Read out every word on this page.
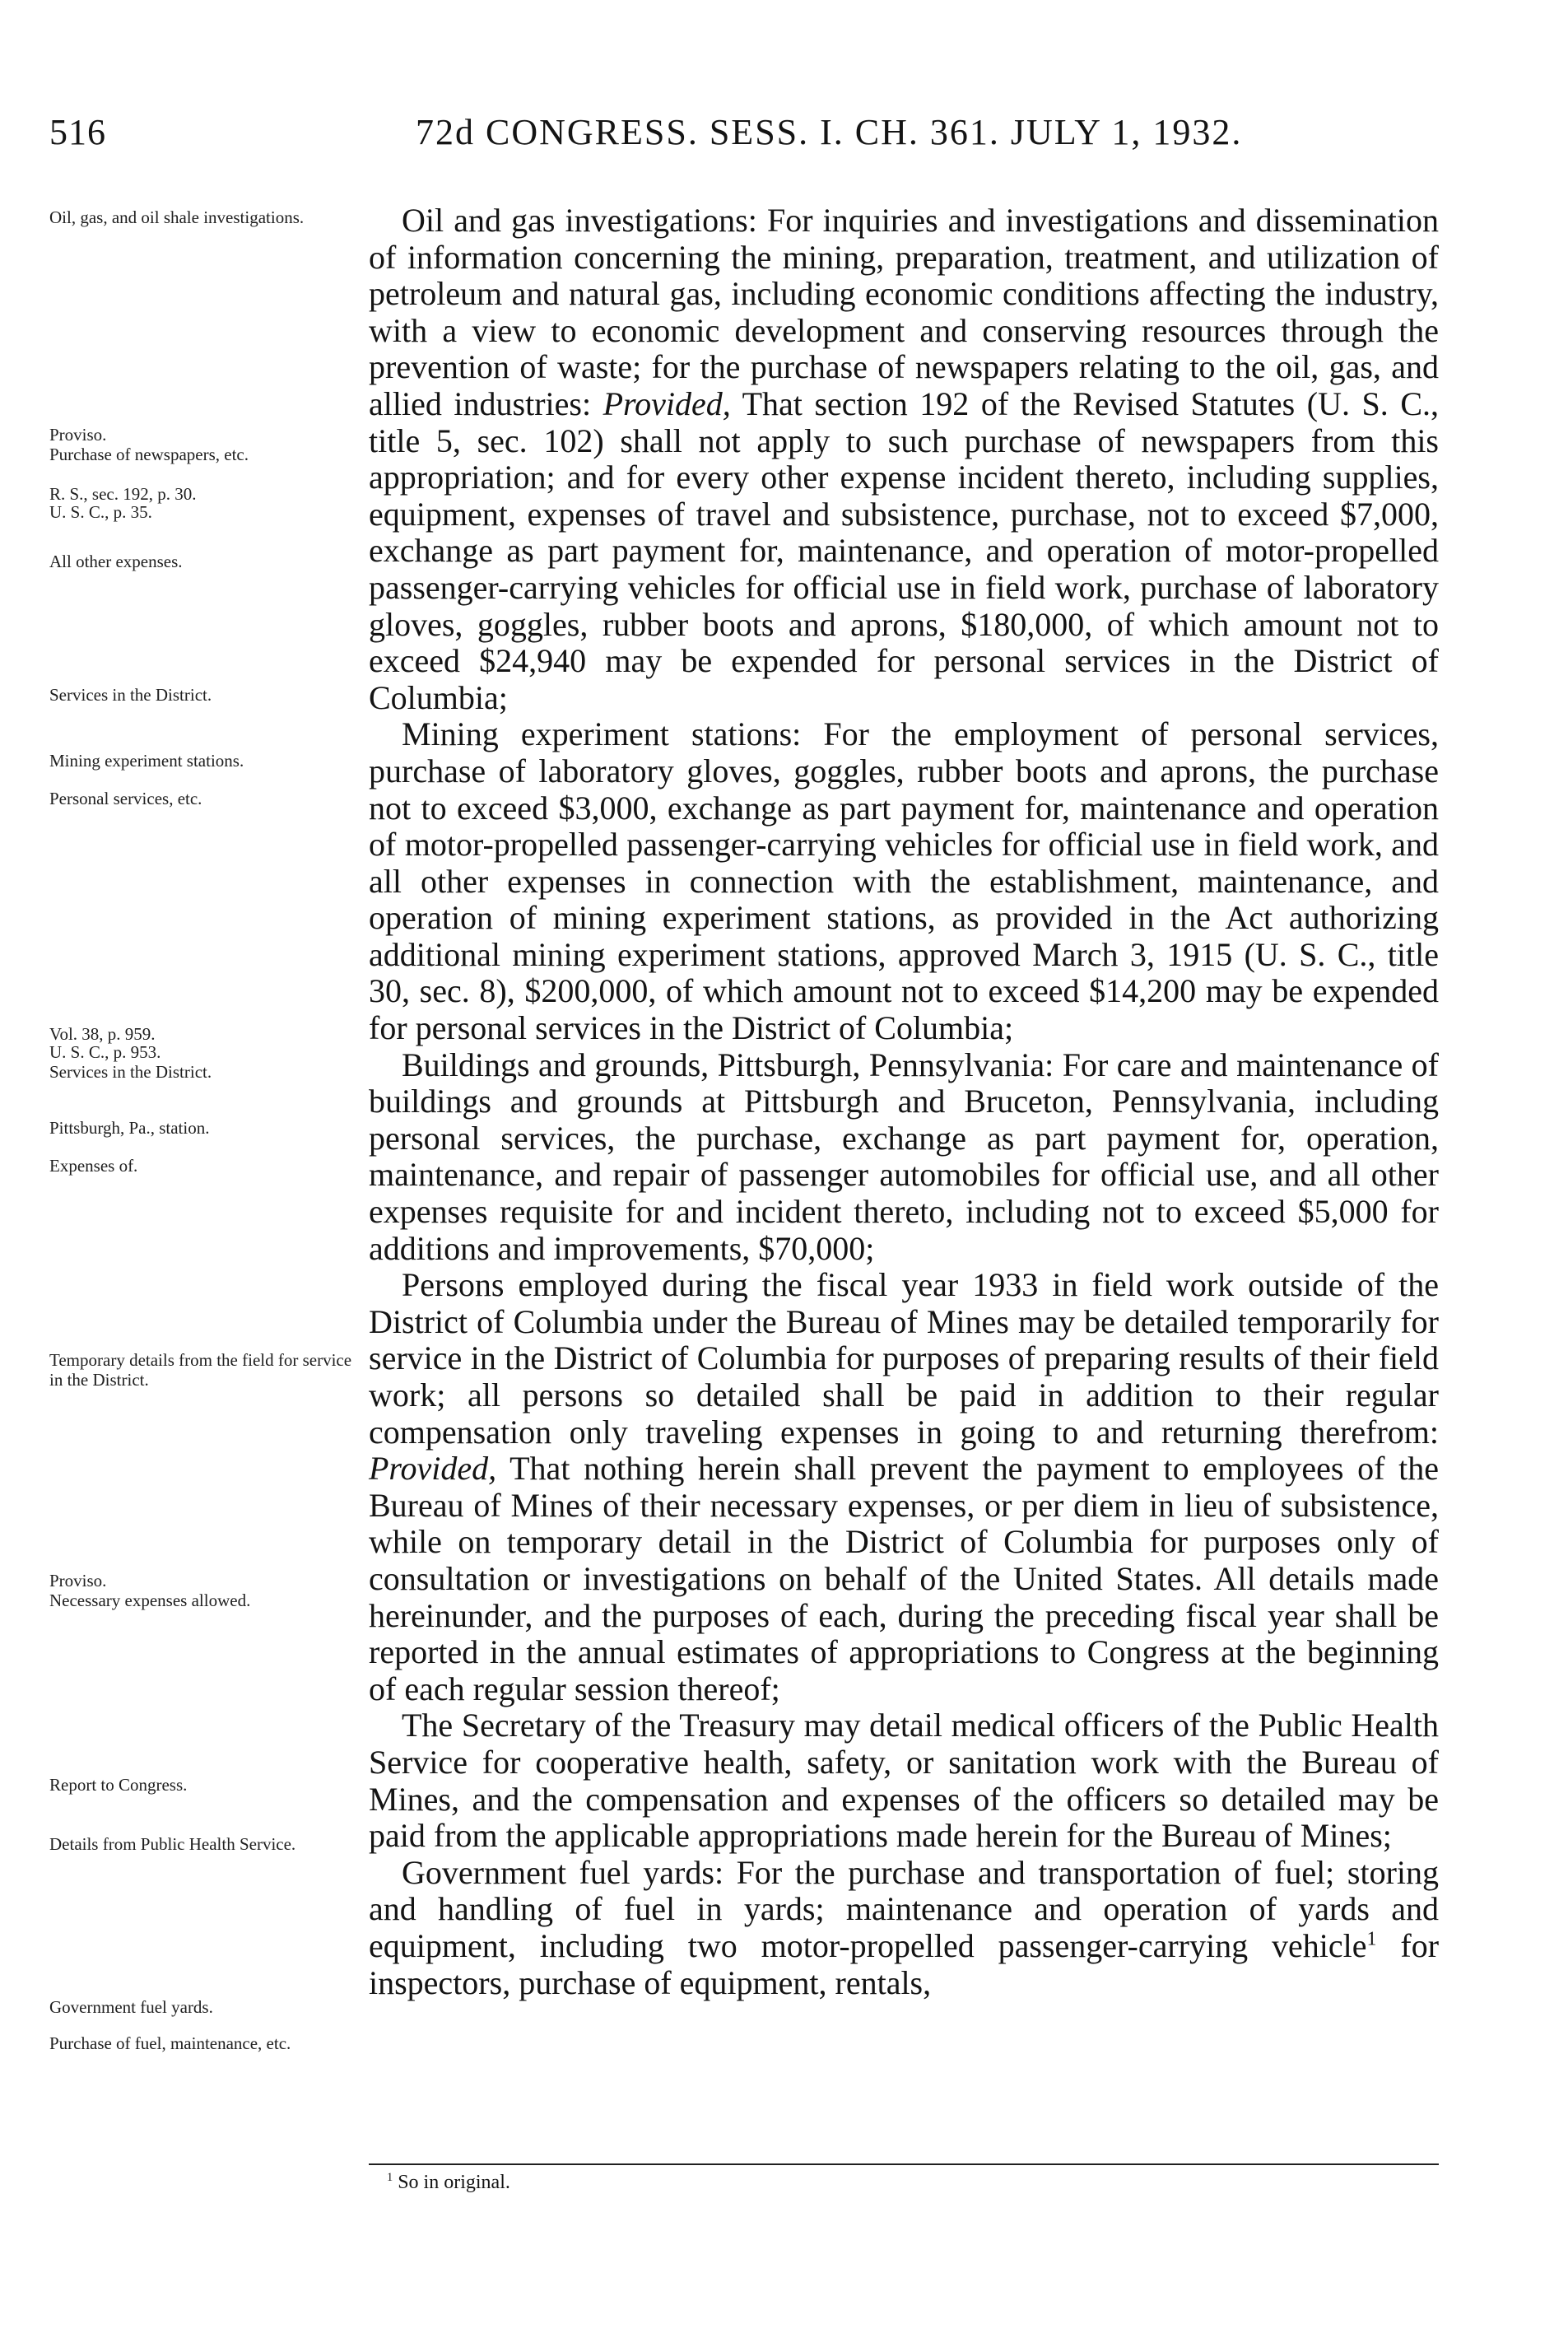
516	72d CONGRESS. SESS. I. CH. 361. JULY 1, 1932.
Oil, gas, and oil shale investigations.
Proviso.
Purchase of newspapers, etc.
R. S., sec. 192, p. 30.
U. S. C., p. 35.
All other expenses.
Services in the District.
Mining experiment stations.
Personal services, etc.
Vol. 38, p. 959.
U. S. C., p. 953.
Services in the District.
Pittsburgh, Pa., station.
Expenses of.
Temporary details from the field for service in the District.
Proviso.
Necessary expenses allowed.
Report to Congress.
Details from Public Health Service.
Government fuel yards.
Purchase of fuel, maintenance, etc.

Oil and gas investigations: For inquiries and investigations and dissemination of information concerning the mining, preparation, treatment, and utilization of petroleum and natural gas, including economic conditions affecting the industry, with a view to economic development and conserving resources through the prevention of waste; for the purchase of newspapers relating to the oil, gas, and allied industries: Provided, That section 192 of the Revised Statutes (U. S. C., title 5, sec. 102) shall not apply to such purchase of newspapers from this appropriation; and for every other expense incident thereto, including supplies, equipment, expenses of travel and subsistence, purchase, not to exceed $7,000, exchange as part payment for, maintenance, and operation of motor-propelled passenger-carrying vehicles for official use in field work, purchase of laboratory gloves, goggles, rubber boots and aprons, $180,000, of which amount not to exceed $24,940 may be expended for personal services in the District of Columbia;

Mining experiment stations: For the employment of personal services, purchase of laboratory gloves, goggles, rubber boots and aprons, the purchase not to exceed $3,000, exchange as part payment for, maintenance and operation of motor-propelled passenger-carrying vehicles for official use in field work, and all other expenses in connection with the establishment, maintenance, and operation of mining experiment stations, as provided in the Act authorizing additional mining experiment stations, approved March 3, 1915 (U. S. C., title 30, sec. 8), $200,000, of which amount not to exceed $14,200 may be expended for personal services in the District of Columbia;

Buildings and grounds, Pittsburgh, Pennsylvania: For care and maintenance of buildings and grounds at Pittsburgh and Bruceton, Pennsylvania, including personal services, the purchase, exchange as part payment for, operation, maintenance, and repair of passenger automobiles for official use, and all other expenses requisite for and incident thereto, including not to exceed $5,000 for additions and improvements, $70,000;

Persons employed during the fiscal year 1933 in field work outside of the District of Columbia under the Bureau of Mines may be detailed temporarily for service in the District of Columbia for purposes of preparing results of their field work; all persons so detailed shall be paid in addition to their regular compensation only traveling expenses in going to and returning therefrom: Provided, That nothing herein shall prevent the payment to employees of the Bureau of Mines of their necessary expenses, or per diem in lieu of subsistence, while on temporary detail in the District of Columbia for purposes only of consultation or investigations on behalf of the United States. All details made hereinunder, and the purposes of each, during the preceding fiscal year shall be reported in the annual estimates of appropriations to Congress at the beginning of each regular session thereof;

The Secretary of the Treasury may detail medical officers of the Public Health Service for cooperative health, safety, or sanitation work with the Bureau of Mines, and the compensation and expenses of the officers so detailed may be paid from the applicable appropriations made herein for the Bureau of Mines;

Government fuel yards: For the purchase and transportation of fuel; storing and handling of fuel in yards; maintenance and operation of yards and equipment, including two motor-propelled passenger-carrying vehicle$^1$ for inspectors, purchase of equipment, rentals,

$^1$ So in original.
